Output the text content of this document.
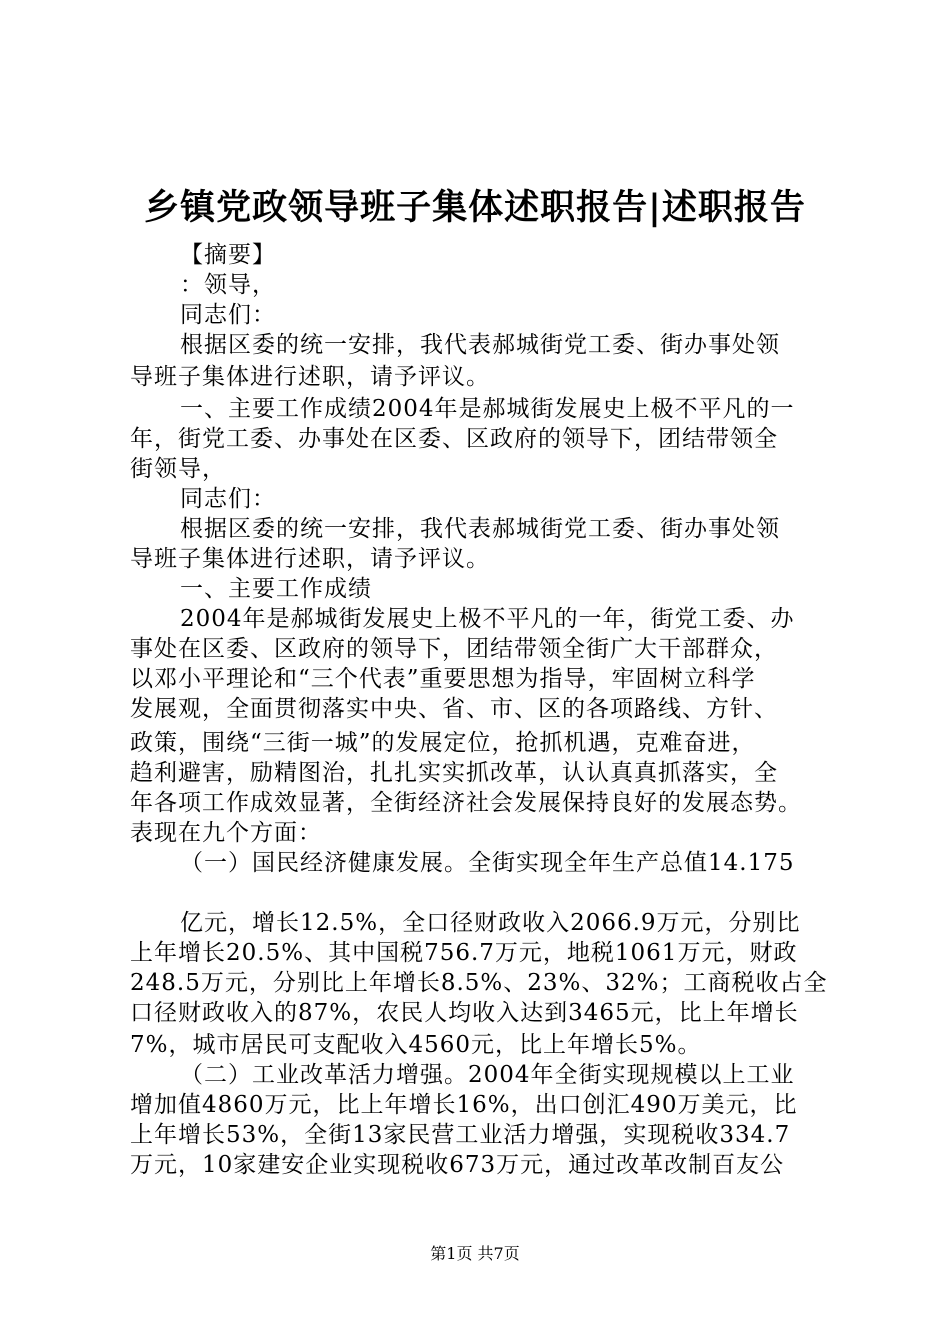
乡镇党政领导班子集体述职报告|述职报告
【摘要】
：领导，
同志们：
根据区委的统一安排，我代表郝城街党工委、街办事处领
导班子集体进行述职，请予评议。
一、主要工作成绩2004年是郝城街发展史上极不平凡的一
年，街党工委、办事处在区委、区政府的领导下，团结带领全
街领导，
同志们：
根据区委的统一安排，我代表郝城街党工委、街办事处领
导班子集体进行述职，请予评议。
一、主要工作成绩
2004年是郝城街发展史上极不平凡的一年，街党工委、办
事处在区委、区政府的领导下，团结带领全街广大干部群众，
以邓小平理论和“三个代表”重要思想为指导，牢固树立科学
发展观，全面贯彻落实中央、省、市、区的各项路线、方针、
政策，围绕“三街一城”的发展定位，抢抓机遇，克难奋进，
趋利避害，励精图治，扎扎实实抓改革，认认真真抓落实，全
年各项工作成效显著，全街经济社会发展保持良好的发展态势。
表现在九个方面：
（一）国民经济健康发展。全街实现全年生产总值14.175
亿元，增长12.5%，全口径财政收入2066.9万元，分别比
上年增长20.5%、其中国税756.7万元，地税1061万元，财政
248.5万元，分别比上年增长8.5%、23%、32%；工商税收占全
口径财政收入的87%，农民人均收入达到3465元，比上年增长
7%，城市居民可支配收入4560元，比上年增长5%。
（二）工业改革活力增强。2004年全街实现规模以上工业
增加值4860万元，比上年增长16%，出口创汇490万美元，比
上年增长53%，全街13家民营工业活力增强，实现税收334.7
万元，10家建安企业实现税收673万元，通过改革改制百友公
第1页 共7页
